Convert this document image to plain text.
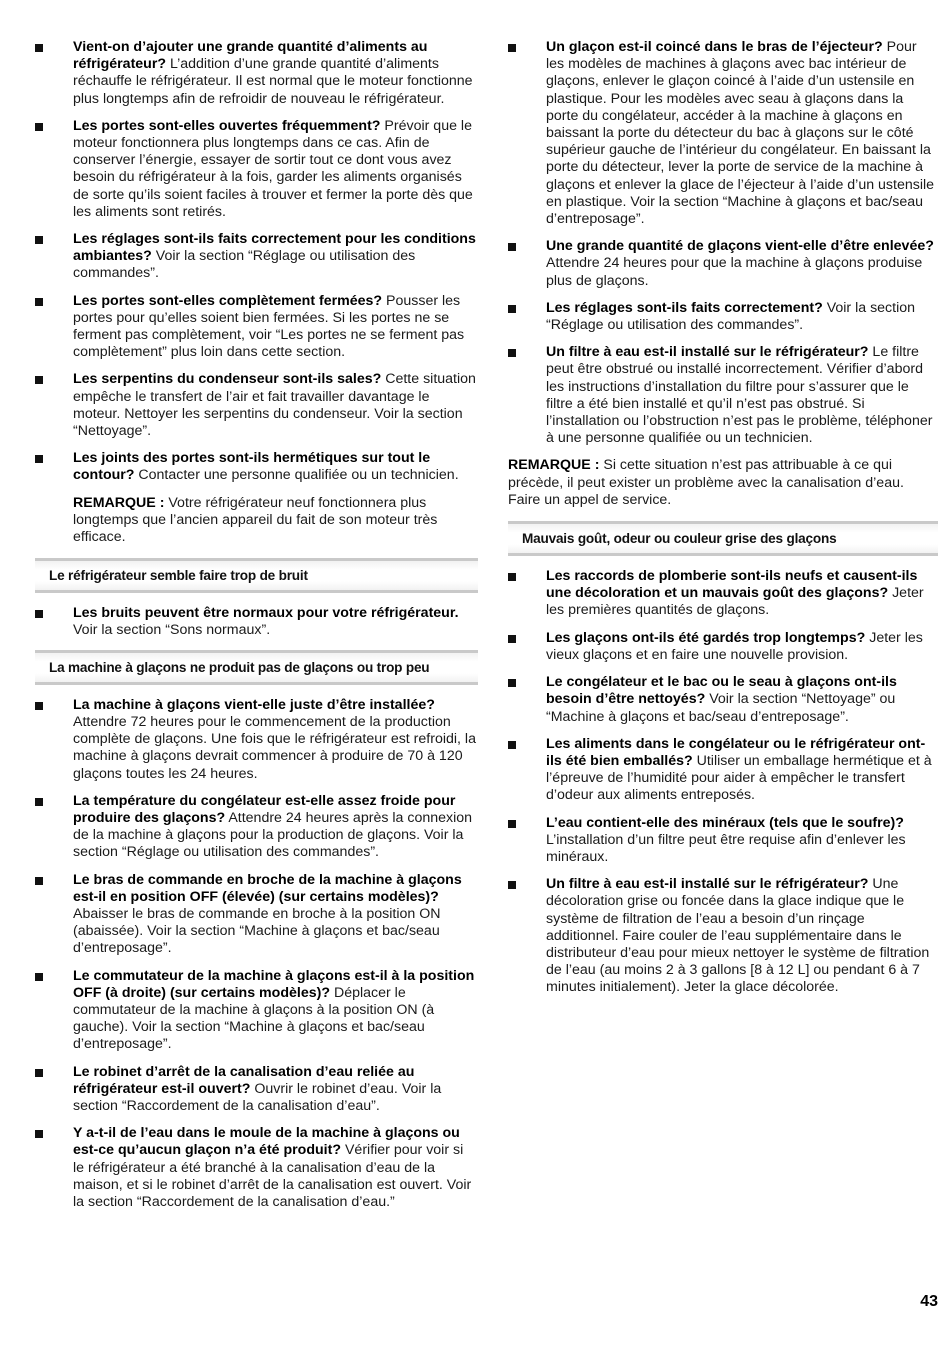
Vient-on d’ajouter une grande quantité d’aliments au réfrigérateur? L’addition d’une grande quantité d’aliments réchauffe le réfrigérateur. Il est normal que le moteur fonctionne plus longtemps afin de refroidir de nouveau le réfrigérateur.
Les portes sont-elles ouvertes fréquemment? Prévoir que le moteur fonctionnera plus longtemps dans ce cas. Afin de conserver l’énergie, essayer de sortir tout ce dont vous avez besoin du réfrigérateur à la fois, garder les aliments organisés de sorte qu’ils soient faciles à trouver et fermer la porte dès que les aliments sont retirés.
Les réglages sont-ils faits correctement pour les conditions ambiantes? Voir la section “Réglage ou utilisation des commandes”.
Les portes sont-elles complètement fermées? Pousser les portes pour qu’elles soient bien fermées. Si les portes ne se ferment pas complètement, voir “Les portes ne se ferment pas complètement” plus loin dans cette section.
Les serpentins du condenseur sont-ils sales? Cette situation empêche le transfert de l’air et fait travailler davantage le moteur. Nettoyer les serpentins du condenseur. Voir la section “Nettoyage”.
Les joints des portes sont-ils hermétiques sur tout le contour? Contacter une personne qualifiée ou un technicien.

REMARQUE : Votre réfrigérateur neuf fonctionnera plus longtemps que l’ancien appareil du fait de son moteur très efficace.

Le réfrigérateur semble faire trop de bruit
Les bruits peuvent être normaux pour votre réfrigérateur. Voir la section “Sons normaux”.
La machine à glaçons ne produit pas de glaçons ou trop peu
La machine à glaçons vient-elle juste d’être installée? Attendre 72 heures pour le commencement de la production complète de glaçons. Une fois que le réfrigérateur est refroidi, la machine à glaçons devrait commencer à produire de 70 à 120 glaçons toutes les 24 heures.
La température du congélateur est-elle assez froide pour produire des glaçons? Attendre 24 heures après la connexion de la machine à glaçons pour la production de glaçons. Voir la section “Réglage ou utilisation des commandes”.
Le bras de commande en broche de la machine à glaçons est-il en position OFF (élevée) (sur certains modèles)? Abaisser le bras de commande en broche à la position ON (abaissée). Voir la section “Machine à glaçons et bac/seau d’entreposage”.
Le commutateur de la machine à glaçons est-il à la position OFF (à droite) (sur certains modèles)? Déplacer le commutateur de la machine à glaçons à la position ON (à gauche). Voir la section “Machine à glaçons et bac/seau d’entreposage”.
Le robinet d’arrêt de la canalisation d’eau reliée au réfrigérateur est-il ouvert? Ouvrir le robinet d’eau. Voir la section “Raccordement de la canalisation d’eau”.
Y a-t-il de l’eau dans le moule de la machine à glaçons ou est-ce qu’aucun glaçon n’a été produit? Vérifier pour voir si le réfrigérateur a été branché à la canalisation d’eau de la maison, et si le robinet d’arrêt de la canalisation est ouvert. Voir la section “Raccordement de la canalisation d’eau.”
Un glaçon est-il coincé dans le bras de l’éjecteur? Pour les modèles de machines à glaçons avec bac intérieur de glaçons, enlever le glaçon coincé à l’aide d’un ustensile en plastique. Pour les modèles avec seau à glaçons dans la porte du congélateur, accéder à la machine à glaçons en baissant la porte du détecteur du bac à glaçons sur le côté supérieur gauche de l’intérieur du congélateur. En baissant la porte du détecteur, lever la porte de service de la machine à glaçons et enlever la glace de l’éjecteur à l’aide d’un ustensile en plastique. Voir la section “Machine à glaçons et bac/seau d’entreposage”.
Une grande quantité de glaçons vient-elle d’être enlevée? Attendre 24 heures pour que la machine à glaçons produise plus de glaçons.
Les réglages sont-ils faits correctement? Voir la section “Réglage ou utilisation des commandes”.
Un filtre à eau est-il installé sur le réfrigérateur? Le filtre peut être obstrué ou installé incorrectement. Vérifier d’abord les instructions d’installation du filtre pour s’assurer que le filtre a été bien installé et qu’il n’est pas obstrué. Si l’installation ou l’obstruction n’est pas le problème, téléphoner à une personne qualifiée ou un technicien.

REMARQUE : Si cette situation n’est pas attribuable à ce qui précède, il peut exister un problème avec la canalisation d’eau. Faire un appel de service.

Mauvais goût, odeur ou couleur grise des glaçons
Les raccords de plomberie sont-ils neufs et causent-ils une décoloration et un mauvais goût des glaçons? Jeter les premières quantités de glaçons.
Les glaçons ont-ils été gardés trop longtemps? Jeter les vieux glaçons et en faire une nouvelle provision.
Le congélateur et le bac ou le seau à glaçons ont-ils besoin d’être nettoyés? Voir la section “Nettoyage” ou “Machine à glaçons et bac/seau d’entreposage”.
Les aliments dans le congélateur ou le réfrigérateur ont-ils été bien emballés? Utiliser un emballage hermétique et à l’épreuve de l’humidité pour aider à empêcher le transfert d’odeur aux aliments entreposés.
L’eau contient-elle des minéraux (tels que le soufre)? L’installation d’un filtre peut être requise afin d’enlever les minéraux.
Un filtre à eau est-il installé sur le réfrigérateur? Une décoloration grise ou foncée dans la glace indique que le système de filtration de l’eau a besoin d’un rinçage additionnel. Faire couler de l’eau supplémentaire dans le distributeur d’eau pour mieux nettoyer le système de filtration de l’eau (au moins 2 à 3 gallons [8 à 12 L] ou pendant 6 à 7 minutes initialement). Jeter la glace décolorée.
43
